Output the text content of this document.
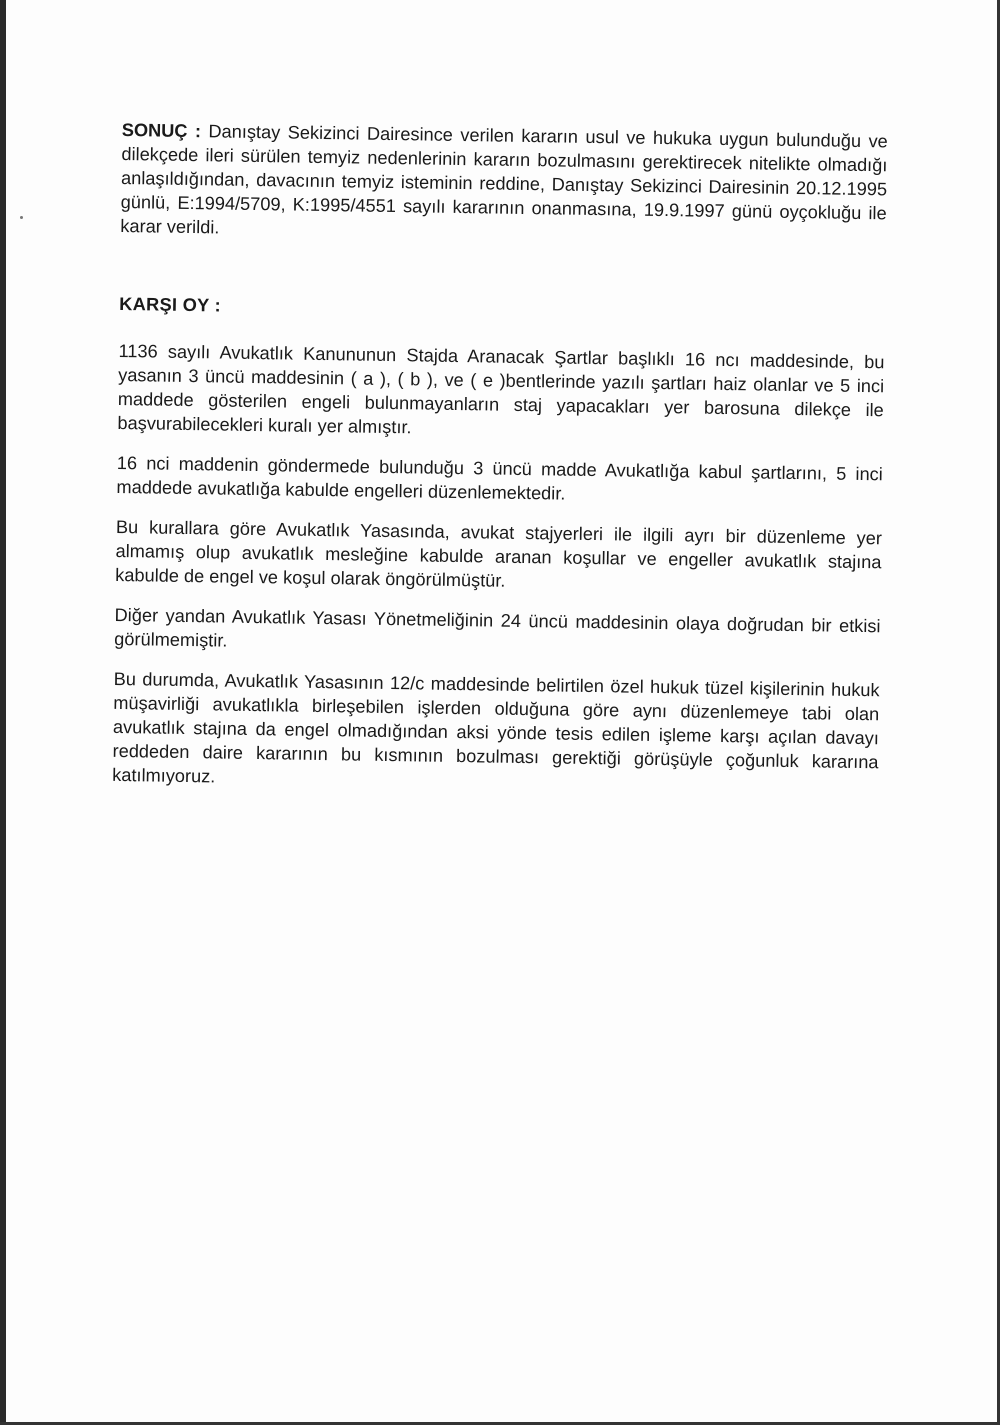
SONUÇ : Danıştay Sekizinci Dairesince verilen kararın usul ve hukuka uygun bulunduğu ve dilekçede ileri sürülen temyiz nedenlerinin kararın bozulmasını gerektirecek nitelikte olmadığı anlaşıldığından, davacının temyiz isteminin reddine, Danıştay Sekizinci Dairesinin 20.12.1995 günlü, E:1994/5709, K:1995/4551 sayılı kararının onanmasına, 19.9.1997 günü oyçokluğu ile karar verildi.

KARŞI OY :

1136 sayılı Avukatlık Kanununun Stajda Aranacak Şartlar başlıklı 16 ncı maddesinde, bu yasanın 3 üncü maddesinin ( a ), ( b ), ve ( e )bentlerinde yazılı şartları haiz olanlar ve 5 inci maddede gösterilen engeli bulunmayanların staj yapacakları yer barosuna dilekçe ile başvurabilecekleri kuralı yer almıştır.

16 nci maddenin göndermede bulunduğu 3 üncü madde Avukatlığa kabul şartlarını, 5 inci maddede avukatlığa kabulde engelleri düzenlemektedir.

Bu kurallara göre Avukatlık Yasasında, avukat stajyerleri ile ilgili ayrı bir düzenleme yer almamış olup avukatlık mesleğine kabulde aranan koşullar ve engeller avukatlık stajına kabulde de engel ve koşul olarak öngörülmüştür.

Diğer yandan Avukatlık Yasası Yönetmeliğinin 24 üncü maddesinin olaya doğrudan bir etkisi görülmemiştir.

Bu durumda, Avukatlık Yasasının 12/c maddesinde belirtilen özel hukuk tüzel kişilerinin hukuk müşavirliği avukatlıkla birleşebilen işlerden olduğuna göre aynı düzenlemeye tabi olan avukatlık stajına da engel olmadığından aksi yönde tesis edilen işleme karşı açılan davayı reddeden daire kararının bu kısmının bozulması gerektiği görüşüyle çoğunluk kararına katılmıyoruz.
